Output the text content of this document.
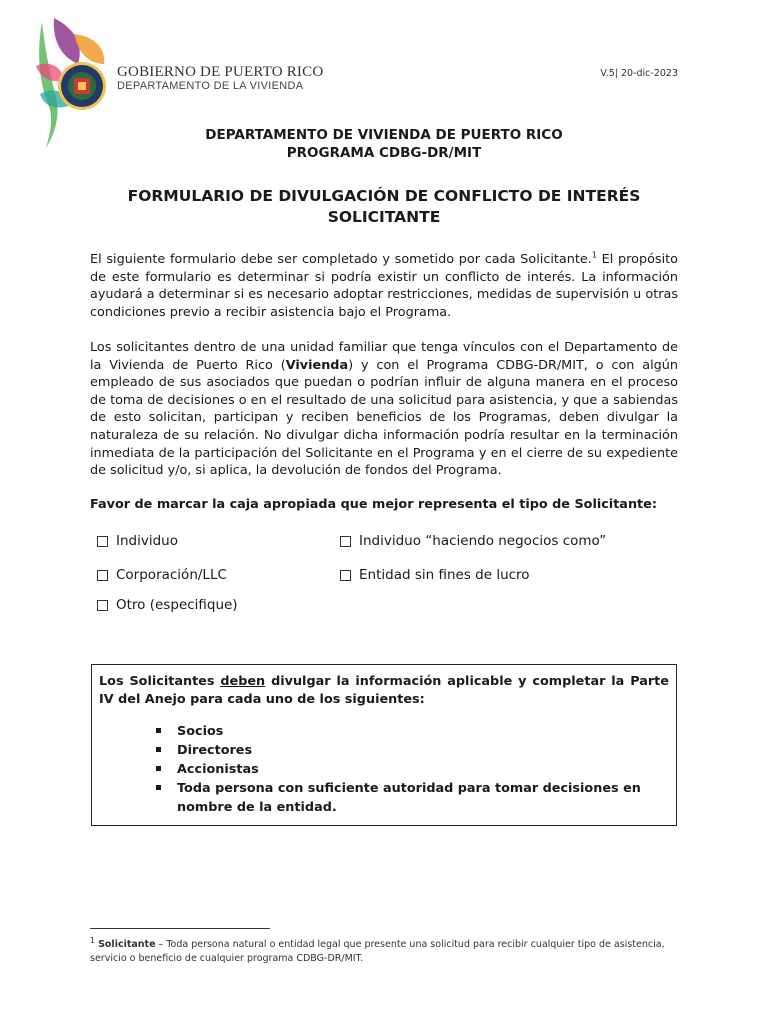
GOBIERNO DE PUERTO RICO
DEPARTAMENTO DE LA VIVIENDA
V.5| 20-dic-2023
DEPARTAMENTO DE VIVIENDA DE PUERTO RICO
PROGRAMA CDBG-DR/MIT
FORMULARIO DE DIVULGACIÓN DE CONFLICTO DE INTERÉS
SOLICITANTE
El siguiente formulario debe ser completado y sometido por cada Solicitante.$^1$ El propósito de este formulario es determinar si podría existir un conflicto de interés. La información ayudará a determinar si es necesario adoptar restricciones, medidas de supervisión u otras condiciones previo a recibir asistencia bajo el Programa.
Los solicitantes dentro de una unidad familiar que tenga vínculos con el Departamento de la Vivienda de Puerto Rico (Vivienda) y con el Programa CDBG-DR/MIT, o con algún empleado de sus asociados que puedan o podrían influir de alguna manera en el proceso de toma de decisiones o en el resultado de una solicitud para asistencia, y que a sabiendas de esto solicitan, participan y reciben beneficios de los Programas, deben divulgar la naturaleza de su relación. No divulgar dicha información podría resultar en la terminación inmediata de la participación del Solicitante en el Programa y en el cierre de su expediente de solicitud y/o, si aplica, la devolución de fondos del Programa.
Favor de marcar la caja apropiada que mejor representa el tipo de Solicitante:
Individuo	Individuo “haciendo negocios como”
Corporación/LLC	Entidad sin fines de lucro
Otro (especifique)
Los Solicitantes deben divulgar la información aplicable y completar la Parte IV del Anejo para cada uno de los siguientes:
Socios
Directores
Accionistas
Toda persona con suficiente autoridad para tomar decisiones en nombre de la entidad.
$^1$ Solicitante – Toda persona natural o entidad legal que presente una solicitud para recibir cualquier tipo de asistencia, servicio o beneficio de cualquier programa CDBG-DR/MIT.
